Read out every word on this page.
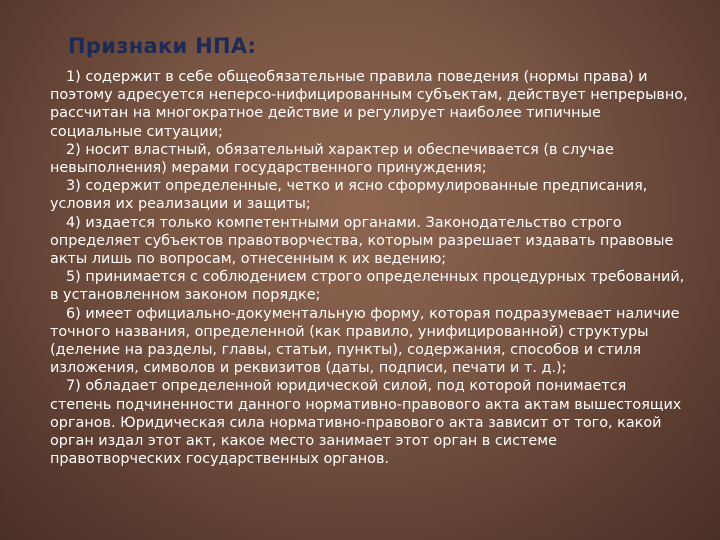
Признаки НПА:

1) содержит в себе общеобязательные правила поведения (нормы права) и поэтому адресуется неперсо-нифицированным субъектам, действует непрерывно, рассчитан на многократное действие и регулирует наиболее типичные социальные ситуации;

2) носит властный, обязательный характер и обеспечивается (в случае невыполнения) мерами государственного принуждения;

3) содержит определенные, четко и ясно сформулированные предписания, условия их реализации и защиты;

4) издается только компетентными органами. Законодательство строго определяет субъектов правотворчества, которым разрешает издавать правовые акты лишь по вопросам, отнесенным к их ведению;

5) принимается с соблюдением строго определенных процедурных требований, в установленном законом порядке;

6) имеет официально-документальную форму, которая подразумевает наличие точного названия, определенной (как правило, унифицированной) структуры (деление на разделы, главы, статьи, пункты), содержания, способов и стиля изложения, символов и реквизитов (даты, подписи, печати и т. д.);

7) обладает определенной юридической силой, под которой понимается степень подчиненности данного нормативно-правового акта актам вышестоящих органов. Юридическая сила нормативно-правового акта зависит от того, какой орган издал этот акт, какое место занимает этот орган в системе правотворческих государственных органов.
